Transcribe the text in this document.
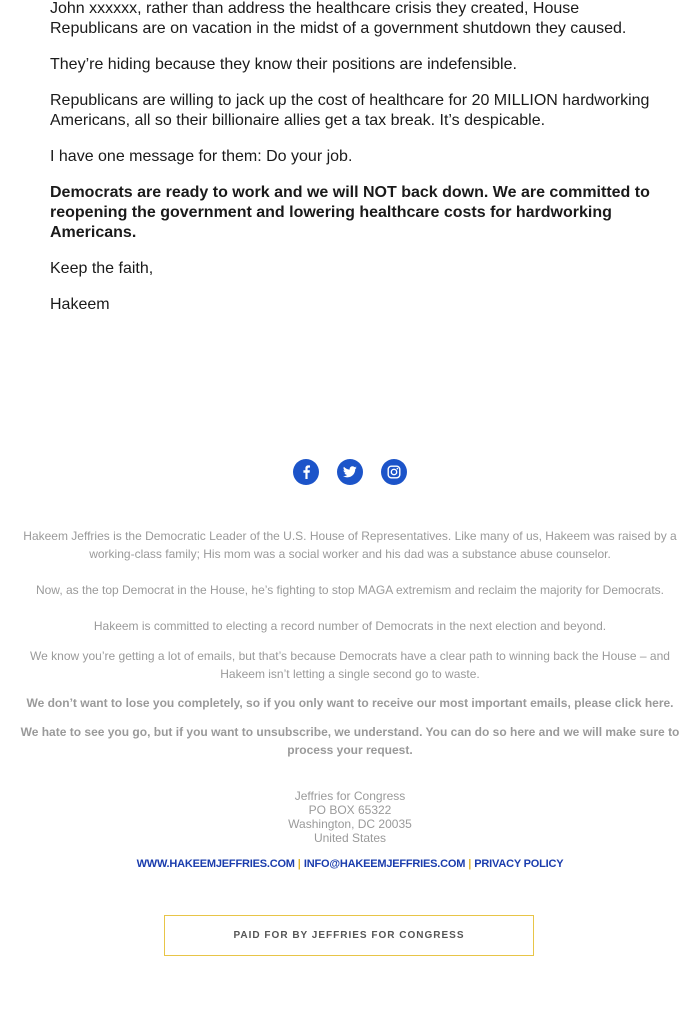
John xxxxxx, rather than address the healthcare crisis they created, House Republicans are on vacation in the midst of a government shutdown they caused.

They’re hiding because they know their positions are indefensible.

Republicans are willing to jack up the cost of healthcare for 20 MILLION hardworking Americans, all so their billionaire allies get a tax break. It’s despicable.

I have one message for them: Do your job.

Democrats are ready to work and we will NOT back down. We are committed to reopening the government and lowering healthcare costs for hardworking Americans.

Keep the faith,

Hakeem

Hakeem Jeffries is the Democratic Leader of the U.S. House of Representatives. Like many of us, Hakeem was raised by a working-class family; His mom was a social worker and his dad was a substance abuse counselor.

Now, as the top Democrat in the House, he’s fighting to stop MAGA extremism and reclaim the majority for Democrats.

Hakeem is committed to electing a record number of Democrats in the next election and beyond.

We know you’re getting a lot of emails, but that’s because Democrats have a clear path to winning back the House – and Hakeem isn’t letting a single second go to waste.

We don’t want to lose you completely, so if you only want to receive our most important emails, please click here.

We hate to see you go, but if you want to unsubscribe, we understand. You can do so here and we will make sure to process your request.

Jeffries for Congress
PO BOX 65322
Washington, DC 20035
United States
WWW.HAKEEMJEFFRIES.COM | INFO@HAKEEMJEFFRIES.COM | PRIVACY POLICY
PAID FOR BY JEFFRIES FOR CONGRESS
